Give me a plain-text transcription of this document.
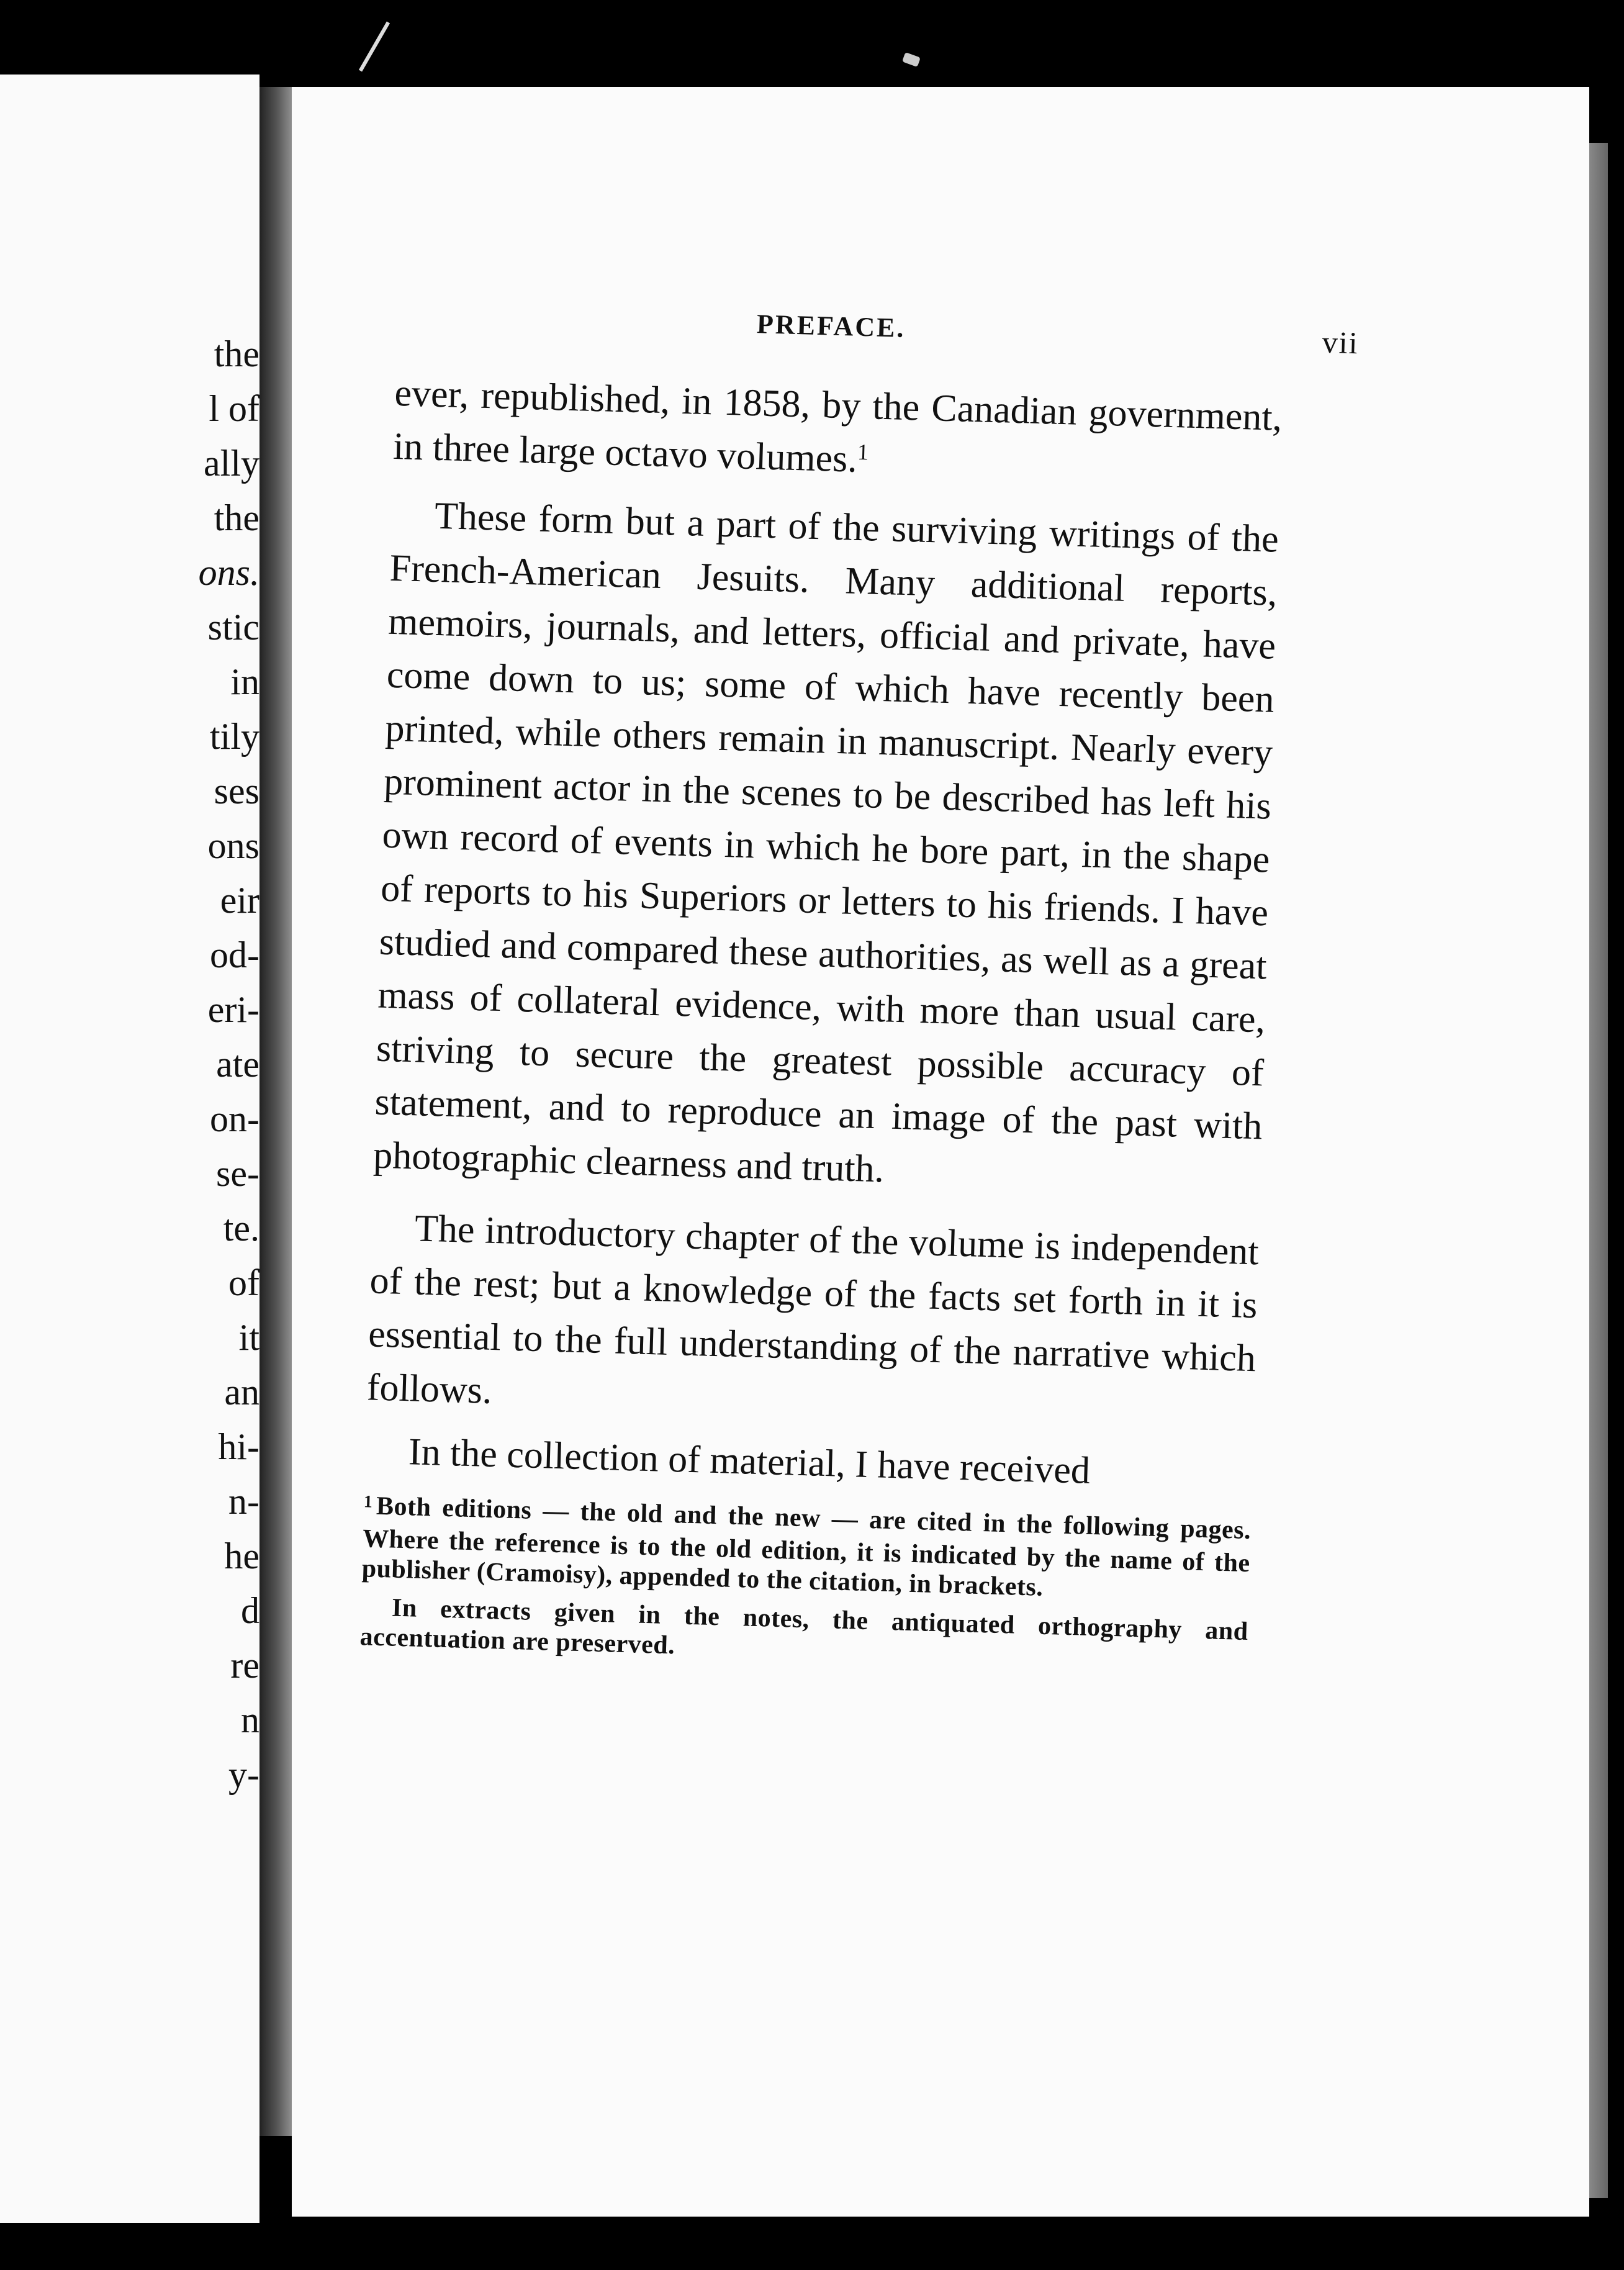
the
l of
ally
the
ons.
stic
in
tily
ses
ons
eir
od-
eri-
ate
on-
se-
te.
of
it
an
hi-
n-
he
d
re
n
y-
PREFACE.	vii

ever, republished, in 1858, by the Canadian government, in three large octavo volumes.$^1$

These form but a part of the surviving writings of the French-American Jesuits. Many additional reports, memoirs, journals, and letters, official and private, have come down to us; some of which have recently been printed, while others remain in manuscript. Nearly every prominent actor in the scenes to be described has left his own record of events in which he bore part, in the shape of reports to his Superiors or letters to his friends. I have studied and compared these authorities, as well as a great mass of collateral evidence, with more than usual care, striving to secure the greatest possible accuracy of statement, and to reproduce an image of the past with photographic clearness and truth.

The introductory chapter of the volume is independent of the rest; but a knowledge of the facts set forth in it is essential to the full understanding of the narrative which follows.

In the collection of material, I have received

$^1$ Both editions — the old and the new — are cited in the following pages. Where the reference is to the old edition, it is indicated by the name of the publisher (Cramoisy), appended to the citation, in brackets.

In extracts given in the notes, the antiquated orthography and accentuation are preserved.
